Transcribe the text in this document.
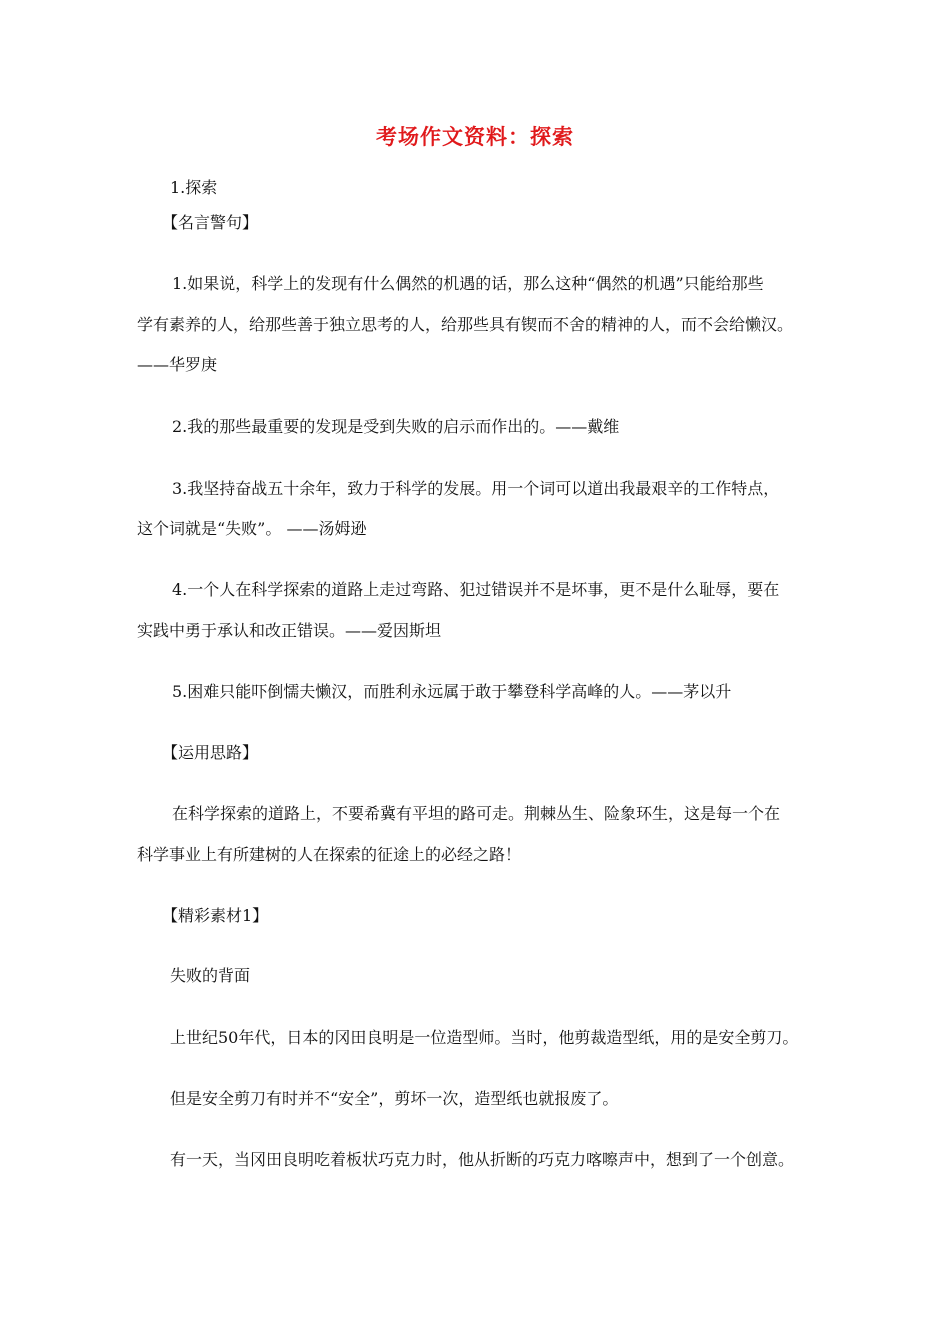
考场作文资料：探索
1.探索
【名言警句】
1.如果说，科学上的发现有什么偶然的机遇的话，那么这种“偶然的机遇”只能给那些
学有素养的人，给那些善于独立思考的人，给那些具有锲而不舍的精神的人，而不会给懒汉。
——华罗庚
2.我的那些最重要的发现是受到失败的启示而作出的。——戴维
3.我坚持奋战五十余年，致力于科学的发展。用一个词可以道出我最艰辛的工作特点，
这个词就是“失败”。 ——汤姆逊
4.一个人在科学探索的道路上走过弯路、犯过错误并不是坏事，更不是什么耻辱，要在
实践中勇于承认和改正错误。——爱因斯坦
5.困难只能吓倒懦夫懒汉，而胜利永远属于敢于攀登科学高峰的人。——茅以升
【运用思路】
在科学探索的道路上，不要希冀有平坦的路可走。荆棘丛生、险象环生，这是每一个在
科学事业上有所建树的人在探索的征途上的必经之路！
【精彩素材1】
失败的背面
上世纪50年代，日本的冈田良明是一位造型师。当时，他剪裁造型纸，用的是安全剪刀。
但是安全剪刀有时并不“安全”，剪坏一次，造型纸也就报废了。
有一天，当冈田良明吃着板状巧克力时，他从折断的巧克力喀嚓声中，想到了一个创意。
